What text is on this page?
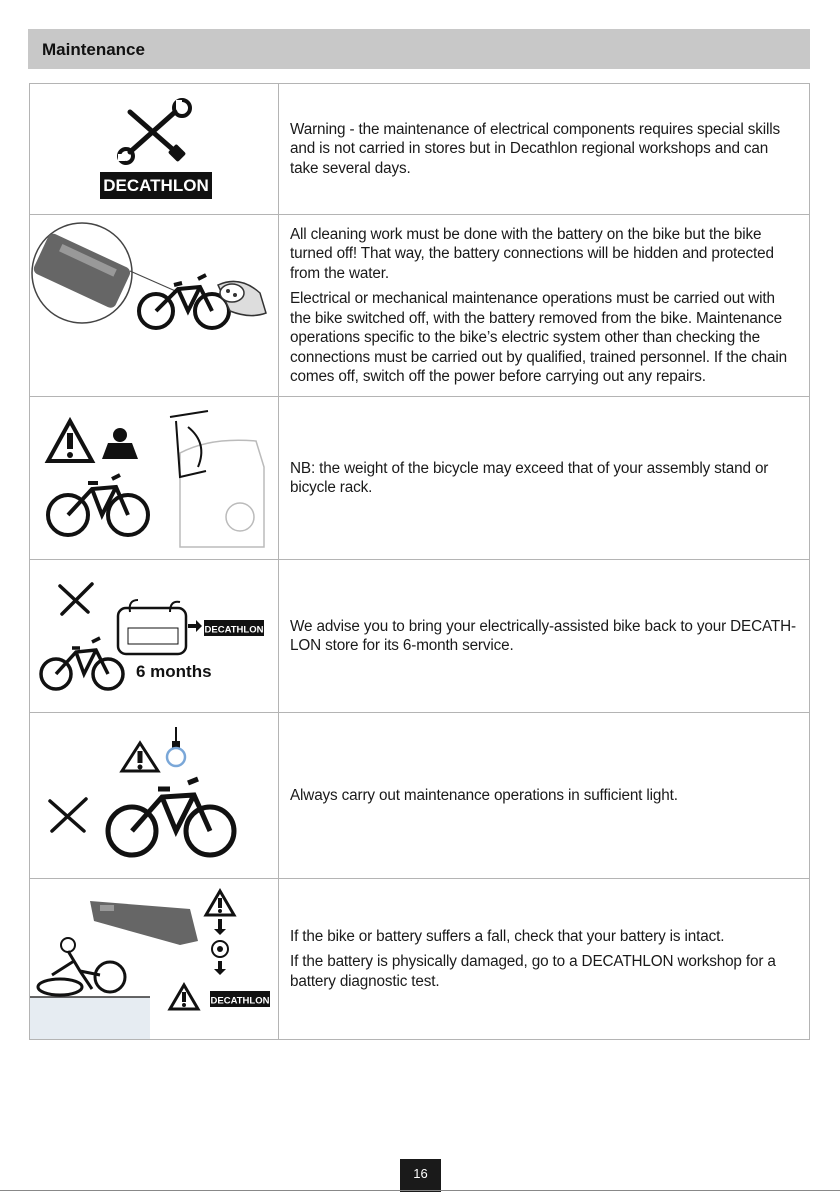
Maintenance
DECATHLON

Warning - the maintenance of electrical components requires special skills and is not carried in stores but in Decathlon regional workshops and can take several days.

All cleaning work must be done with the battery on the bike but the bike turned off! That way, the battery connections will be hidden and protected from the water.

Electrical or mechanical maintenance operations must be carried out with the bike switched off, with the battery removed from the bike. Maintenance operations specific to the bike’s electric system other than checking the connections must be carried out by qualified, trained personnel. If the chain comes off, switch off the power before carrying out any repairs.

NB: the weight of the bicycle may exceed that of your assembly stand or bicycle rack.

DECATHLON
6 months

We advise you to bring your electrically-assisted bike back to your DECATH-LON store for its 6-month service.

Always carry out maintenance operations in sufficient light.

DECATHLON

If the bike or battery suffers a fall, check that your battery is intact.

If the battery is physically damaged, go to a DECATHLON workshop for a battery diagnostic test.

16
